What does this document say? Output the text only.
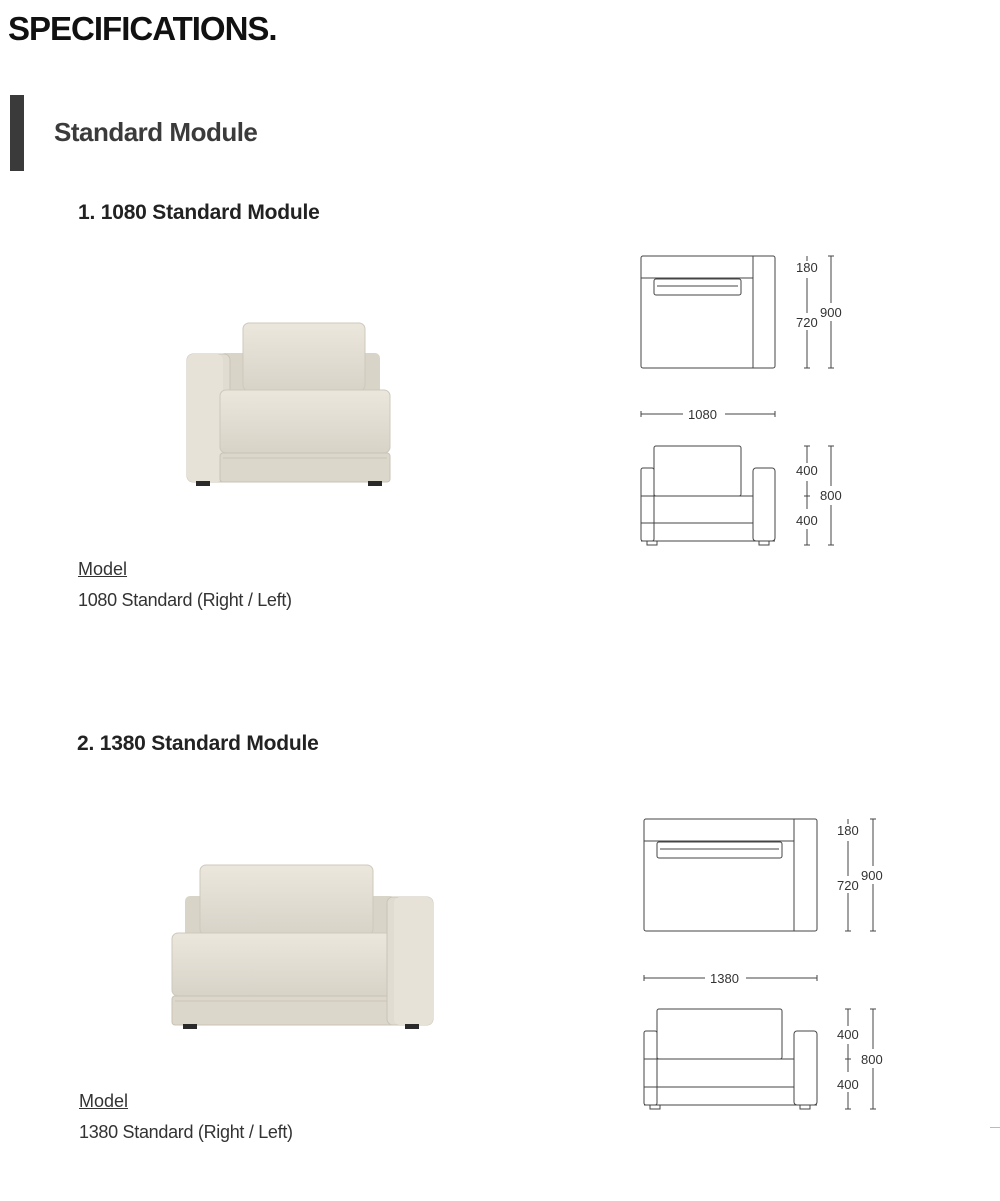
SPECIFICATIONS.
Standard Module
1. 1080 Standard Module
180
720
900
1080
400
400
800
Model
1080 Standard (Right / Left)
2. 1380 Standard Module
180
720
900
1380
400
400
800
Model
1380 Standard (Right / Left)
